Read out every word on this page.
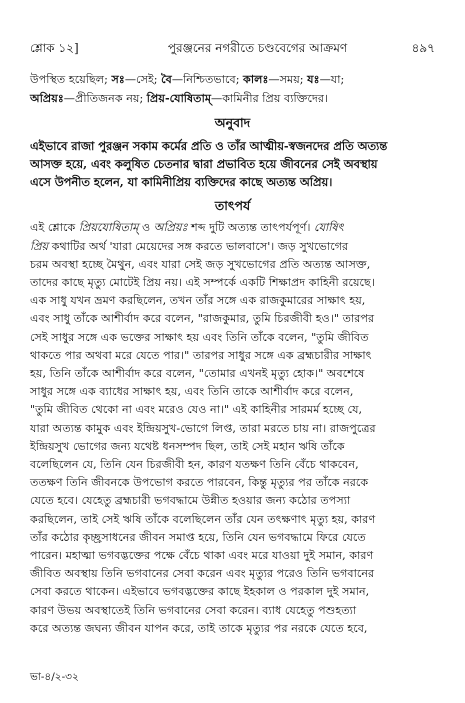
শ্লোক ১২]	পুরঞ্জনের নগরীতে চণ্ডবেগের আক্রমণ	৪৯৭

উপস্থিত হয়েছিল; সঃ—সেই; বৈ—নিশ্চিতভাবে; কালঃ—সময়; যঃ—যা;

অপ্রিয়ঃ—প্রীতিজনক নয়; প্রিয়-যোষিতাম্—কামিনীর প্রিয় ব্যক্তিদের।

অনুবাদ

এইভাবে রাজা পুরঞ্জন সকাম কর্মের প্রতি ও তাঁর আত্মীয়-স্বজনদের প্রতি অত্যন্ত

আসক্ত হয়ে, এবং কলুষিত চেতনার দ্বারা প্রভাবিত হয়ে জীবনের সেই অবস্থায়

এসে উপনীত হলেন, যা কামিনীপ্রিয় ব্যক্তিদের কাছে অত্যন্ত অপ্রিয়।

তাৎপর্য

এই শ্লোকে প্রিয়যোষিতাম্ ও অপ্রিয়ঃ শব্দ দুটি অত্যন্ত তাৎপর্যপূর্ণ। যোষিৎ

প্রিয় কথাটির অর্থ 'যারা মেয়েদের সঙ্গ করতে ভালবাসে'। জড় সুখভোগের

চরম অবস্থা হচ্ছে মৈথুন, এবং যারা সেই জড় সুখভোগের প্রতি অত্যন্ত আসক্ত,

তাদের কাছে মৃত্যু মোটেই প্রিয় নয়। এই সম্পর্কে একটি শিক্ষাপ্রদ কাহিনী রয়েছে।

এক সাধু যখন ভ্রমণ করছিলেন, তখন তাঁর সঙ্গে এক রাজকুমারের সাক্ষাৎ হয়,

এবং সাধু তাঁকে আশীর্বাদ করে বলেন, "রাজকুমার, তুমি চিরজীবী হও।" তারপর

সেই সাধুর সঙ্গে এক ভক্তের সাক্ষাৎ হয় এবং তিনি তাঁকে বলেন, "তুমি জীবিত

থাকতে পার অথবা মরে যেতে পার।" তারপর সাধুর সঙ্গে এক ব্রহ্মচারীর সাক্ষাৎ

হয়, তিনি তাঁকে আশীর্বাদ করে বলেন, "তোমার এখনই মৃত্যু হোক।" অবশেষে

সাধুর সঙ্গে এক ব্যাধের সাক্ষাৎ হয়, এবং তিনি তাকে আশীর্বাদ করে বলেন,

"তুমি জীবিত থেকো না এবং মরেও যেও না।" এই কাহিনীর সারমর্ম হচ্ছে যে,

যারা অত্যন্ত কামুক এবং ইন্দ্রিয়সুখ-ভোগে লিপ্ত, তারা মরতে চায় না। রাজপুত্রের

ইন্দ্রিয়সুখ ভোগের জন্য যথেষ্ট ধনসম্পদ ছিল, তাই সেই মহান ঋষি তাঁকে

বলেছিলেন যে, তিনি যেন চিরজীবী হন, কারণ যতক্ষণ তিনি বেঁচে থাকবেন,

ততক্ষণ তিনি জীবনকে উপভোগ করতে পারবেন, কিন্তু মৃত্যুর পর তাঁকে নরকে

যেতে হবে। যেহেতু ব্রহ্মচারী ভগবদ্ধামে উন্নীত হওয়ার জন্য কঠোর তপস্যা

করছিলেন, তাই সেই ঋষি তাঁকে বলেছিলেন তাঁর যেন তৎক্ষণাৎ মৃত্যু হয়, কারণ

তাঁর কঠোর কৃচ্ছ্রসাধনের জীবন সমাপ্ত হয়ে, তিনি যেন ভগবদ্ধামে ফিরে যেতে

পারেন। মহাত্মা ভগবদ্ভক্তের পক্ষে বেঁচে থাকা এবং মরে যাওয়া দুই সমান, কারণ

জীবিত অবস্থায় তিনি ভগবানের সেবা করেন এবং মৃত্যুর পরেও তিনি ভগবানের

সেবা করতে থাকেন। এইভাবে ভগবদ্ভক্তের কাছে ইহকাল ও পরকাল দুই সমান,

কারণ উভয় অবস্থাতেই তিনি ভগবানের সেবা করেন। ব্যাধ যেহেতু পশুহত্যা

করে অত্যন্ত জঘন্য জীবন যাপন করে, তাই তাকে মৃত্যুর পর নরকে যেতে হবে,

ভা-৪/২-৩২
